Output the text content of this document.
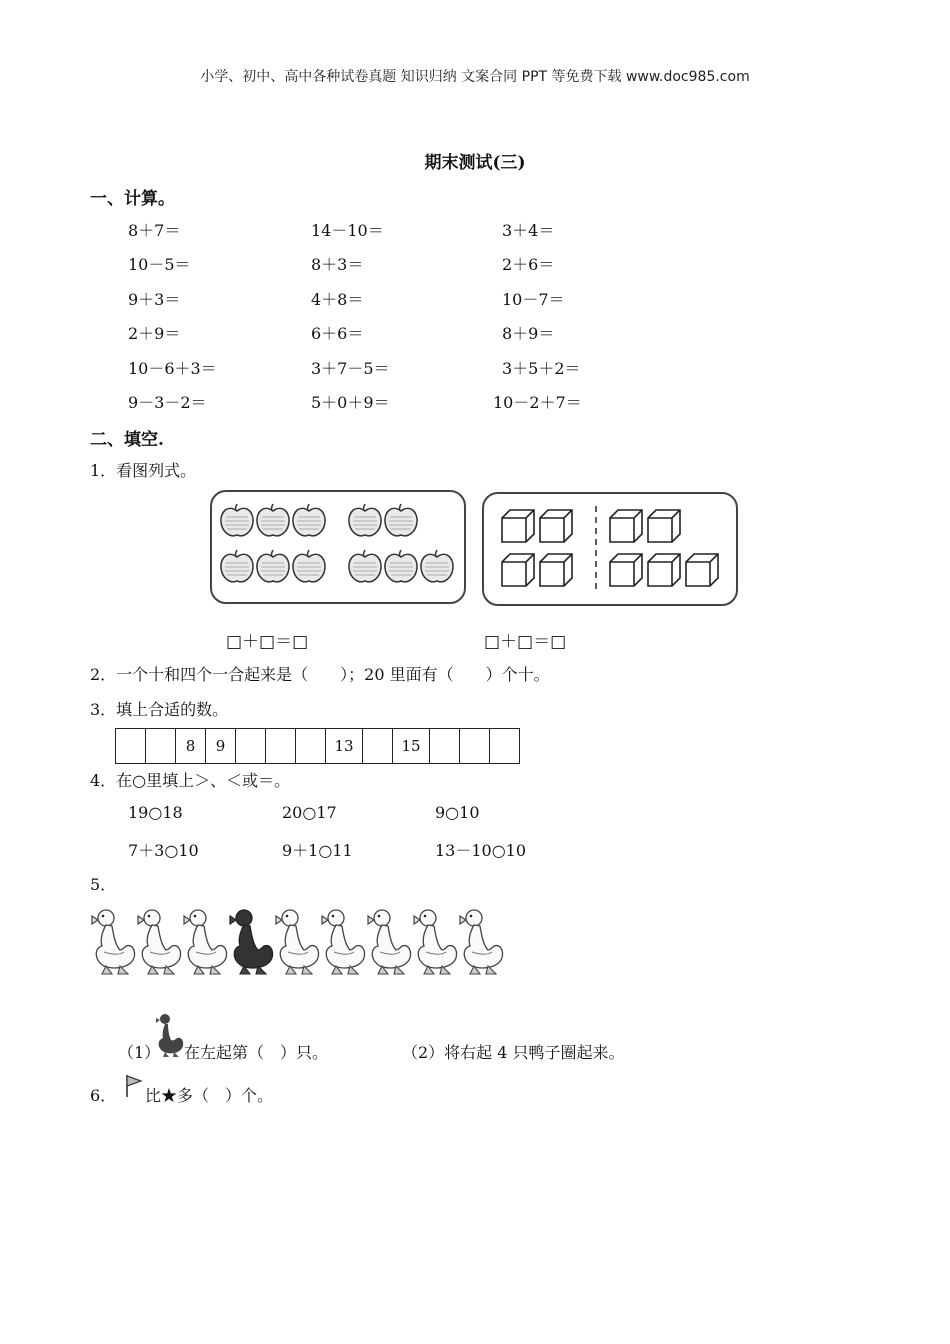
小学、初中、高中各种试卷真题 知识归纳 文案合同 PPT 等免费下载 www.doc985.com
期末测试(三)
一、计算。
8＋7＝	14－10＝	3＋4＝
10－5＝	8＋3＝	2＋6＝
9＋3＝	4＋8＝	10－7＝
2＋9＝	6＋6＝	8＋9＝
10－6＋3＝	3＋7－5＝	3＋5＋2＝
9－3－2＝	5＋0＋9＝	10－2＋7＝
二、填空.
1．看图列式。
□＋□＝□	□＋□＝□
2．一个十和四个一合起来是（　　）；20 里面有（　　）个十。
3．填上合适的数。
		8	9				13		15			
4．在○里填上＞、＜或＝。
19○18	20○17	9○10
7＋3○10	9＋1○11	13－10○10
5．
（1） 在左起第（　）只。	（2）将右起 4 只鸭子圈起来。
6． 比★多（　）个。
